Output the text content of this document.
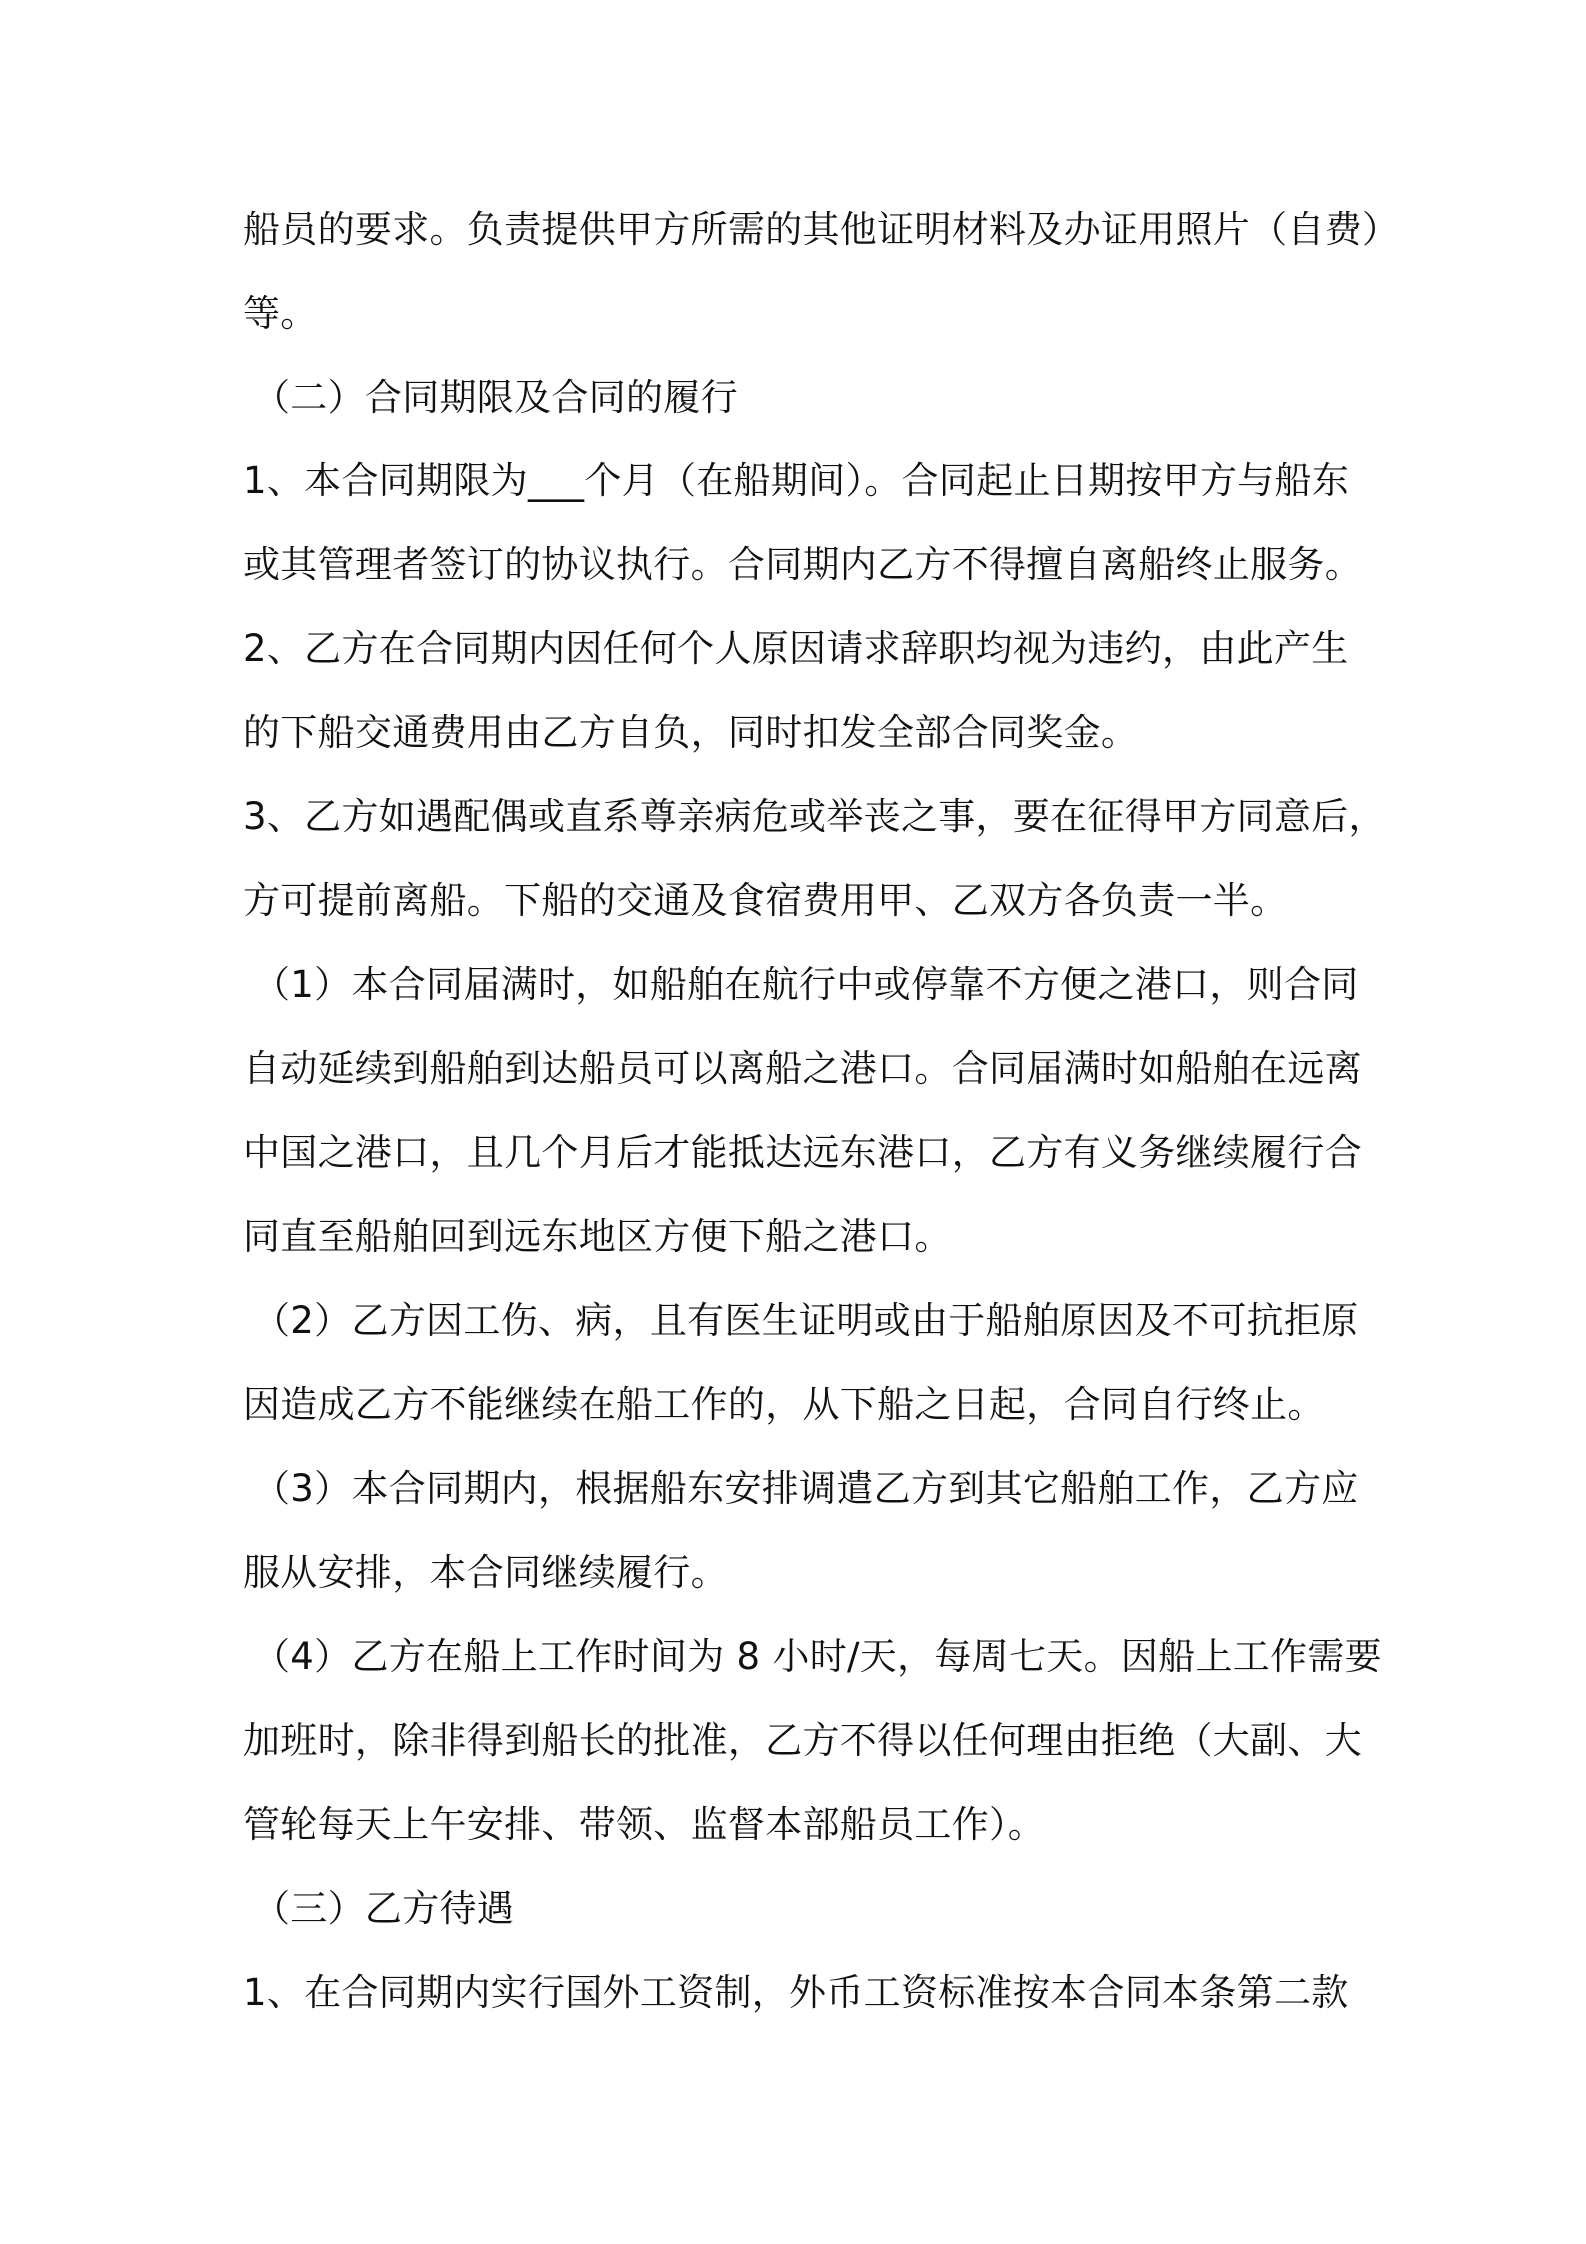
船员的要求。负责提供甲方所需的其他证明材料及办证用照片（自费）
等。
（二）合同期限及合同的履行
1、本合同期限为___个月（在船期间）。合同起止日期按甲方与船东
或其管理者签订的协议执行。合同期内乙方不得擅自离船终止服务。
2、乙方在合同期内因任何个人原因请求辞职均视为违约，由此产生
的下船交通费用由乙方自负，同时扣发全部合同奖金。
3、乙方如遇配偶或直系尊亲病危或举丧之事，要在征得甲方同意后，
方可提前离船。下船的交通及食宿费用甲、乙双方各负责一半。
（1）本合同届满时，如船舶在航行中或停靠不方便之港口，则合同
自动延续到船舶到达船员可以离船之港口。合同届满时如船舶在远离
中国之港口，且几个月后才能抵达远东港口，乙方有义务继续履行合
同直至船舶回到远东地区方便下船之港口。
（2）乙方因工伤、病，且有医生证明或由于船舶原因及不可抗拒原
因造成乙方不能继续在船工作的，从下船之日起，合同自行终止。
（3）本合同期内，根据船东安排调遣乙方到其它船舶工作，乙方应
服从安排，本合同继续履行。
（4）乙方在船上工作时间为 8 小时/天，每周七天。因船上工作需要
加班时，除非得到船长的批准，乙方不得以任何理由拒绝（大副、大
管轮每天上午安排、带领、监督本部船员工作）。
（三）乙方待遇
1、在合同期内实行国外工资制，外币工资标准按本合同本条第二款
